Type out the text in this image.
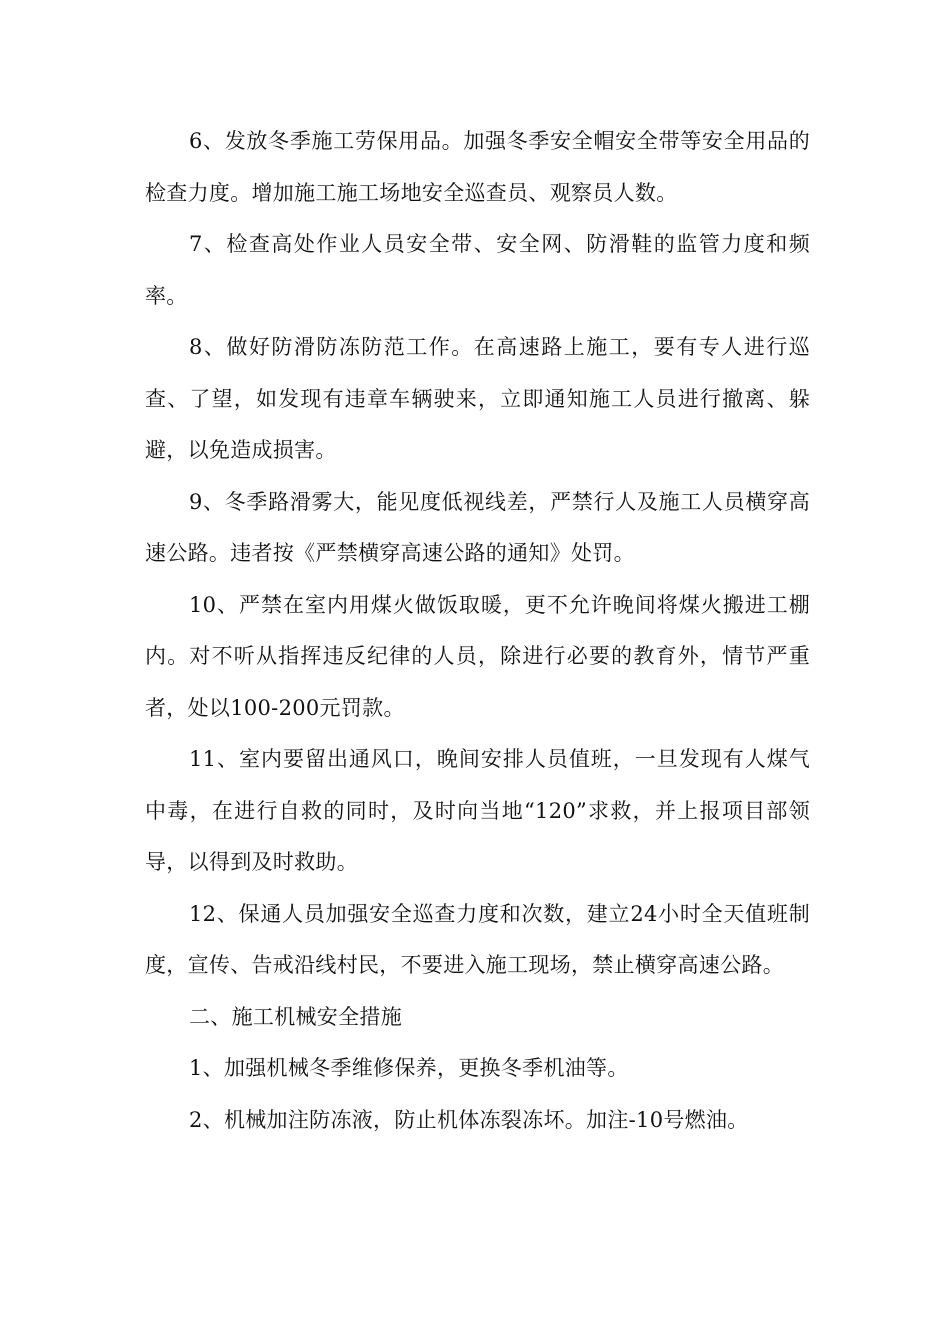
6、发放冬季施工劳保用品。加强冬季安全帽安全带等安全用品的检查力度。增加施工施工场地安全巡查员、观察员人数。

7、检查高处作业人员安全带、安全网、防滑鞋的监管力度和频率。

8、做好防滑防冻防范工作。在高速路上施工，要有专人进行巡查、了望，如发现有违章车辆驶来，立即通知施工人员进行撤离、躲避，以免造成损害。

9、冬季路滑雾大，能见度低视线差，严禁行人及施工人员横穿高速公路。违者按《严禁横穿高速公路的通知》处罚。

10、严禁在室内用煤火做饭取暖，更不允许晚间将煤火搬进工棚内。对不听从指挥违反纪律的人员，除进行必要的教育外，情节严重者，处以100-200元罚款。

11、室内要留出通风口，晚间安排人员值班，一旦发现有人煤气中毒，在进行自救的同时，及时向当地“120”求救，并上报项目部领导，以得到及时救助。

12、保通人员加强安全巡查力度和次数，建立24小时全天值班制度，宣传、告戒沿线村民，不要进入施工现场，禁止横穿高速公路。

二、施工机械安全措施

1、加强机械冬季维修保养，更换冬季机油等。

2、机械加注防冻液，防止机体冻裂冻坏。加注-10号燃油。
